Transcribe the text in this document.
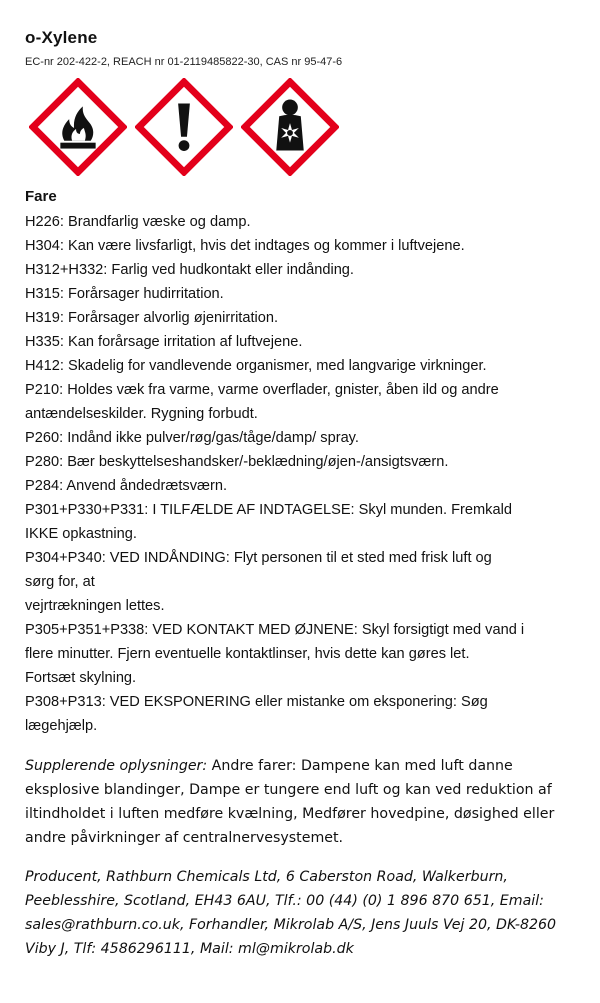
o-Xylene
EC-nr 202-422-2, REACH nr 01-2119485822-30, CAS nr 95-47-6
Fare
H226: Brandfarlig væske og damp.
H304: Kan være livsfarligt, hvis det indtages og kommer i luftvejene.
H312+H332: Farlig ved hudkontakt eller indånding.
H315: Forårsager hudirritation.
H319: Forårsager alvorlig øjenirritation.
H335: Kan forårsage irritation af luftvejene.
H412: Skadelig for vandlevende organismer, med langvarige virkninger.
P210: Holdes væk fra varme, varme overflader, gnister, åben ild og andre
antændelseskilder. Rygning forbudt.
P260: Indånd ikke pulver/røg/gas/tåge/damp/ spray.
P280: Bær beskyttelseshandsker/-beklædning/øjen-/ansigtsværn.
P284: Anvend åndedrætsværn.
P301+P330+P331: I TILFÆLDE AF INDTAGELSE: Skyl munden. Fremkald
IKKE opkastning.
P304+P340: VED INDÅNDING: Flyt personen til et sted med frisk luft og
sørg for, at
vejrtrækningen lettes.
P305+P351+P338: VED KONTAKT MED ØJNENE: Skyl forsigtigt med vand i
flere minutter. Fjern eventuelle kontaktlinser, hvis dette kan gøres let.
Fortsæt skylning.
P308+P313: VED EKSPONERING eller mistanke om eksponering: Søg
lægehjælp.
Supplerende oplysninger: Andre farer: Dampene kan med luft danne eksplosive blandinger, Dampe er tungere end luft og kan ved reduktion af iltindholdet i luften medføre kvælning, Medfører hovedpine, døsighed eller andre påvirkninger af centralnervesystemet.
Producent, Rathburn Chemicals Ltd, 6 Caberston Road, Walkerburn, Peeblesshire, Scotland, EH43 6AU, Tlf.: 00 (44) (0) 1 896 870 651, Email: sales@rathburn.co.uk, Forhandler, Mikrolab A/S, Jens Juuls Vej 20, DK-8260 Viby J, Tlf: 4586296111, Mail: ml@mikrolab.dk
